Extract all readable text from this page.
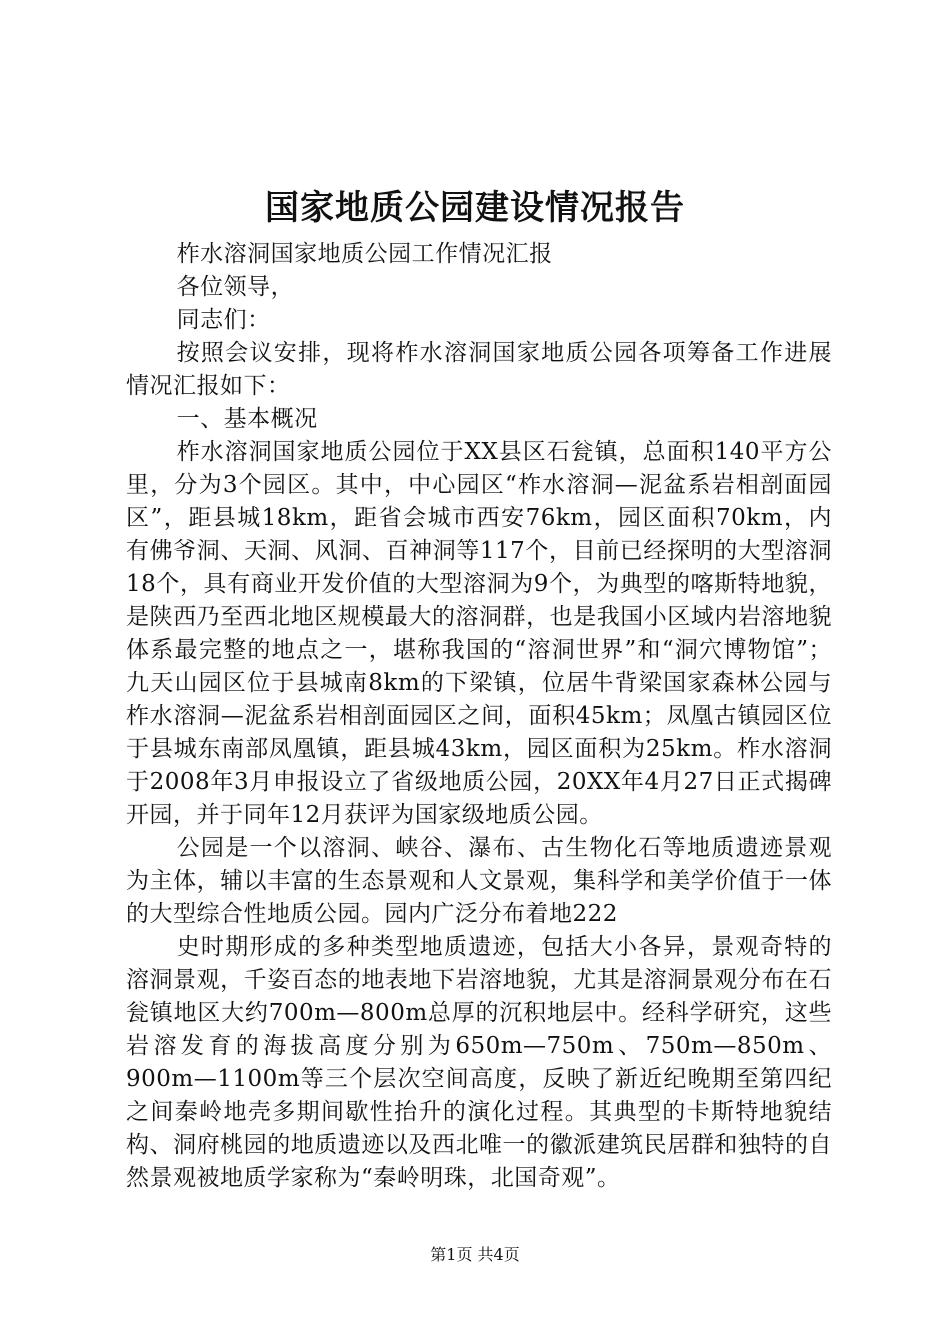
国家地质公园建设情况报告

柞水溶洞国家地质公园工作情况汇报

各位领导，

同志们：

按照会议安排，现将柞水溶洞国家地质公园各项筹备工作进展情况汇报如下：

一、基本概况

柞水溶洞国家地质公园位于XX县区石瓮镇，总面积140平方公里，分为3个园区。其中，中心园区“柞水溶洞—泥盆系岩相剖面园区”，距县城18km，距省会城市西安76km，园区面积70km，内有佛爷洞、天洞、风洞、百神洞等117个，目前已经探明的大型溶洞18个，具有商业开发价值的大型溶洞为9个，为典型的喀斯特地貌，是陕西乃至西北地区规模最大的溶洞群，也是我国小区域内岩溶地貌体系最完整的地点之一，堪称我国的“溶洞世界”和“洞穴博物馆”；九天山园区位于县城南8km的下梁镇，位居牛背梁国家森林公园与柞水溶洞—泥盆系岩相剖面园区之间，面积45km；凤凰古镇园区位于县城东南部凤凰镇，距县城43km，园区面积为25km。柞水溶洞于2008年3月申报设立了省级地质公园，20XX年4月27日正式揭碑开园，并于同年12月获评为国家级地质公园。

公园是一个以溶洞、峡谷、瀑布、古生物化石等地质遗迹景观为主体，辅以丰富的生态景观和人文景观，集科学和美学价值于一体的大型综合性地质公园。园内广泛分布着地222

史时期形成的多种类型地质遗迹，包括大小各异，景观奇特的溶洞景观，千姿百态的地表地下岩溶地貌，尤其是溶洞景观分布在石瓮镇地区大约700m—800m总厚的沉积地层中。经科学研究，这些岩溶发育的海拔高度分别为650m—750m、750m—850m、900m—1100m等三个层次空间高度，反映了新近纪晚期至第四纪之间秦岭地壳多期间歇性抬升的演化过程。其典型的卡斯特地貌结构、洞府桃园的地质遗迹以及西北唯一的徽派建筑民居群和独特的自然景观被地质学家称为“秦岭明珠，北国奇观”。

第1页 共4页
